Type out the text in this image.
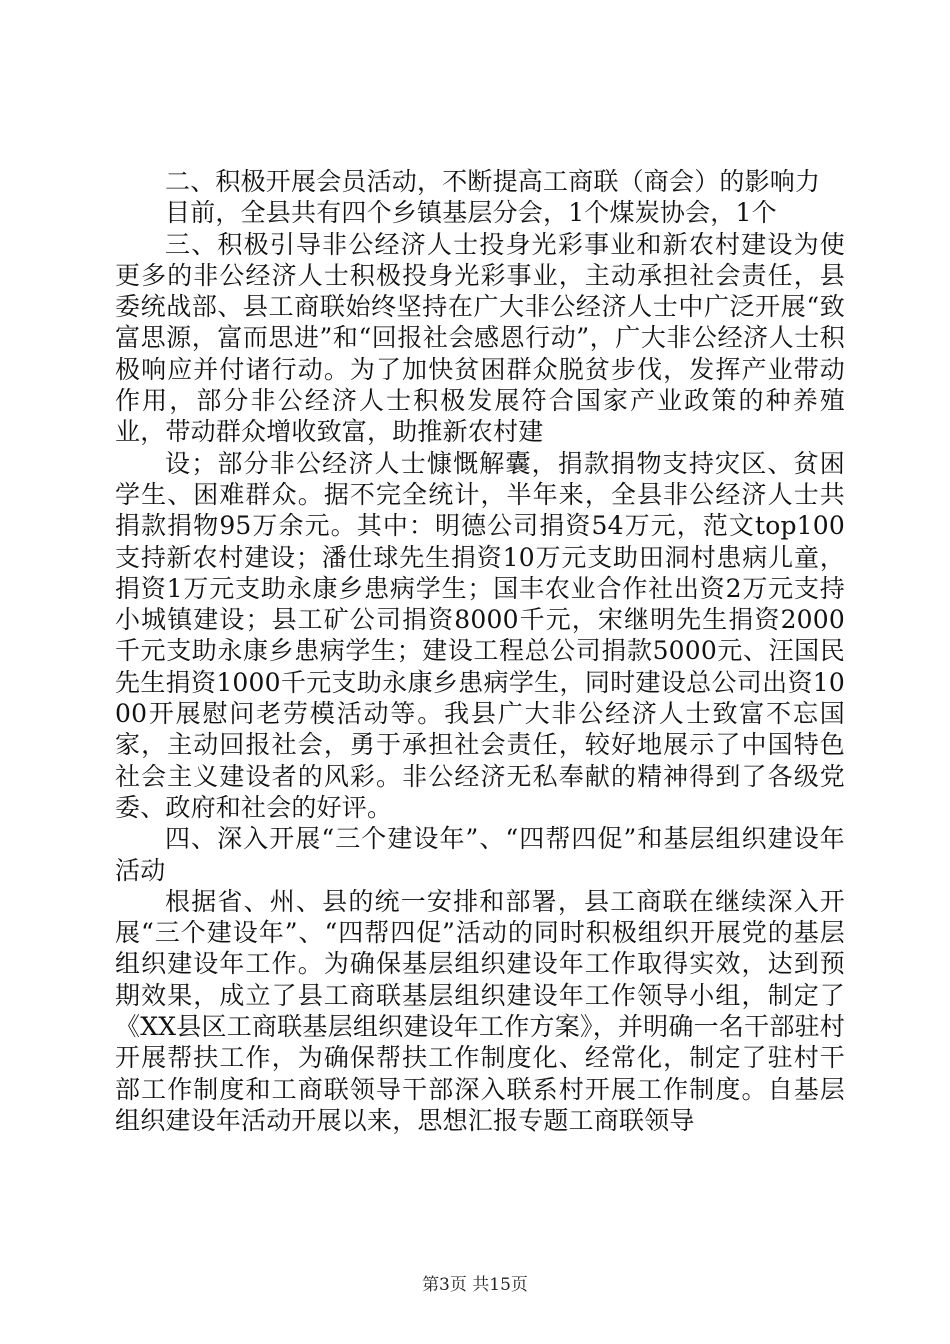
二、积极开展会员活动，不断提高工商联（商会）的影响力

目前，全县共有四个乡镇基层分会，1个煤炭协会，1个

三、积极引导非公经济人士投身光彩事业和新农村建设为使更多的非公经济人士积极投身光彩事业，主动承担社会责任，县委统战部、县工商联始终坚持在广大非公经济人士中广泛开展“致富思源，富而思进”和“回报社会感恩行动”，广大非公经济人士积极响应并付诸行动。为了加快贫困群众脱贫步伐，发挥产业带动作用，部分非公经济人士积极发展符合国家产业政策的种养殖业，带动群众增收致富，助推新农村建

设；部分非公经济人士慷慨解囊，捐款捐物支持灾区、贫困学生、困难群众。据不完全统计，半年来，全县非公经济人士共捐款捐物95万余元。其中：明德公司捐资54万元，范文top100支持新农村建设；潘仕球先生捐资10万元支助田洞村患病儿童，捐资1万元支助永康乡患病学生；国丰农业合作社出资2万元支持小城镇建设；县工矿公司捐资8000千元，宋继明先生捐资2000千元支助永康乡患病学生；建设工程总公司捐款5000元、汪国民先生捐资1000千元支助永康乡患病学生，同时建设总公司出资1000开展慰问老劳模活动等。我县广大非公经济人士致富不忘国家，主动回报社会，勇于承担社会责任，较好地展示了中国特色社会主义建设者的风彩。非公经济无私奉献的精神得到了各级党委、政府和社会的好评。

四、深入开展“三个建设年”、“四帮四促”和基层组织建设年活动

根据省、州、县的统一安排和部署，县工商联在继续深入开展“三个建设年”、“四帮四促”活动的同时积极组织开展党的基层组织建设年工作。为确保基层组织建设年工作取得实效，达到预期效果，成立了县工商联基层组织建设年工作领导小组，制定了《XX县区工商联基层组织建设年工作方案》，并明确一名干部驻村开展帮扶工作，为确保帮扶工作制度化、经常化，制定了驻村干部工作制度和工商联领导干部深入联系村开展工作制度。自基层组织建设年活动开展以来，思想汇报专题工商联领导

第3页 共15页
